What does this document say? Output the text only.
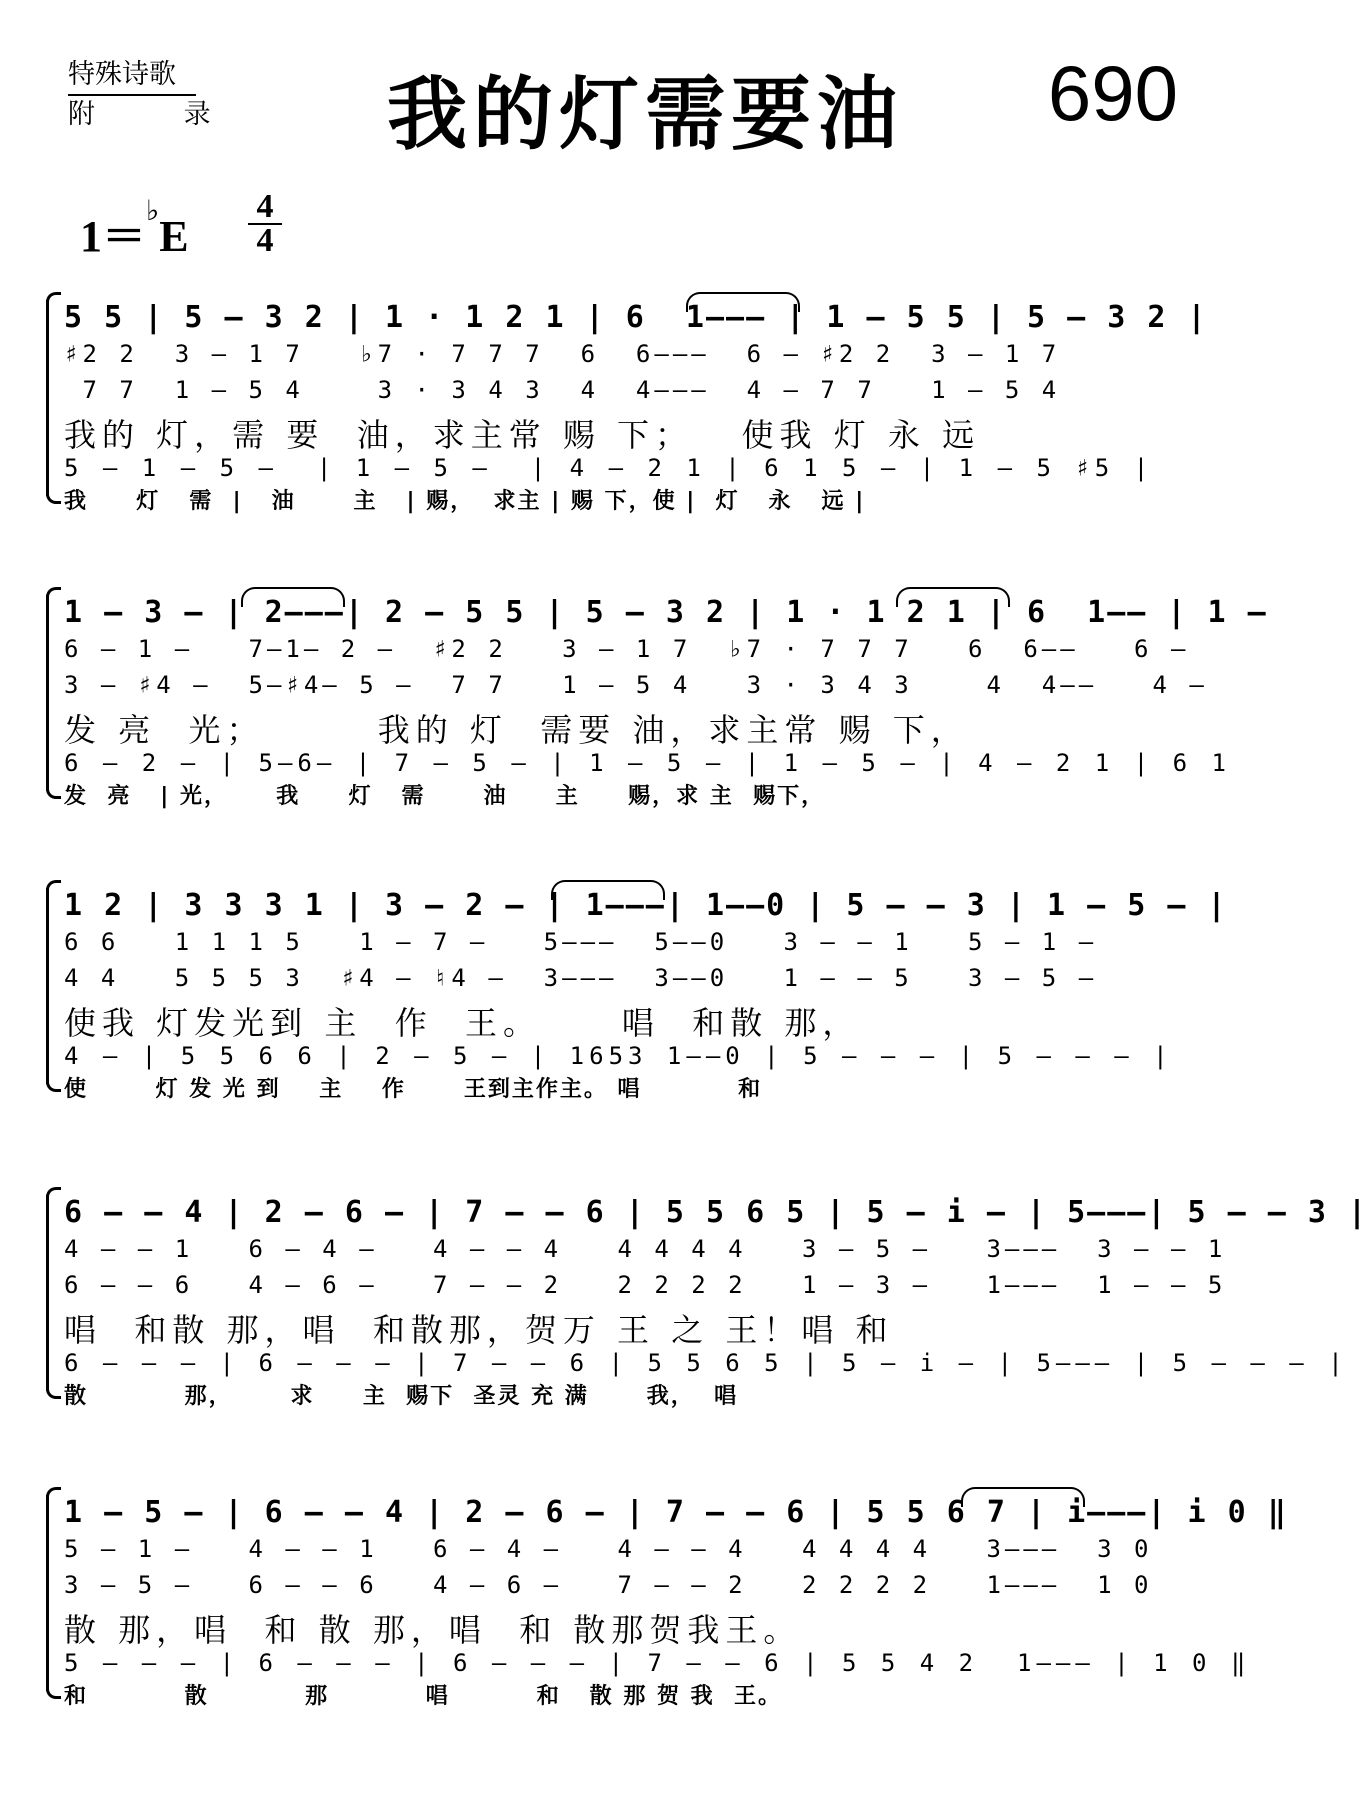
特殊诗歌
附 录	我的灯需要油	690
1＝♭E
4
4
5 5 | 5 – 3 2 | 1 · 1 2 1 | 6  1––– | 1 – 5 5 | 5 – 3 2 |
♯2 2  3 – 1 7   ♭7 · 7 7 7  6  6–––  6 – ♯2 2  3 – 1 7
7 7  1 – 5 4    3 · 3 4 3  4  4–––  4 – 7 7   1 – 5 4
我的 灯，需 要  油，求主常 赐 下；   使我 灯 永 远
5 – 1 – 5 –  | 1 – 5 –  | 4 – 2 1 | 6 1 5 – | 1 – 5 ♯5 |
我     灯   需  |   油      主   | 赐，  求主 | 赐 下，使 |  灯   永   远 |
1 – 3 – | 2–––| 2 – 5 5 | 5 – 3 2 | 1 · 1 2 1 | 6  1–– | 1 –
6 – 1 –   7–1– 2 –  ♯2 2   3 – 1 7  ♭7 · 7 7 7   6  6––   6 –
3 – ♯4 –  5–♯4– 5 –  7 7   1 – 5 4   3 · 3 4 3    4  4––   4 –
发 亮  光；       我的 灯  需要 油，求主常 赐 下，
6 – 2 – | 5–6– | 7 – 5 – | 1 – 5 – | 1 – 5 – | 4 – 2 1 | 6 1
发  亮   | 光，     我     灯   需      油     主     赐，求 主  赐下，
1 2 | 3 3 3 1 | 3 – 2 – | 1–––| 1––0 | 5 – – 3 | 1 – 5 – |
6 6   1 1 1 5   1 – 7 –   5–––  5––0   3 – – 1   5 – 1 –
4 4   5 5 5 3  ♯4 – ♮4 –  3–––  3––0   1 – – 5   3 – 5 –
使我 灯发光到 主  作  王。     唱  和散 那，
4 – | 5 5 6 6 | 2 – 5 – | 1653 1––0 | 5 – – – | 5 – – – |
使       灯 发 光 到    主    作      王到主作主。 唱          和
6 – – 4 | 2 – 6 – | 7 – – 6 | 5 5 6 5 | 5 – i – | 5–––| 5 – – 3 |
4 – – 1   6 – 4 –   4 – – 4   4 4 4 4   3 – 5 –   3–––  3 – – 1
6 – – 6   4 – 6 –   7 – – 2   2 2 2 2   1 – 3 –   1–––  1 – – 5
唱  和散 那，唱  和散那，贺万 王 之 王！唱 和
6 – – – | 6 – – – | 7 – – 6 | 5 5 6 5 | 5 – i – | 5––– | 5 – – – |
散          那，      求     主  赐下  圣灵 充 满      我，  唱
1 – 5 – | 6 – – 4 | 2 – 6 – | 7 – – 6 | 5 5 6 7 | i–––| i 0 ‖
5 – 1 –   4 – – 1   6 – 4 –   4 – – 4   4 4 4 4   3–––  3 0
3 – 5 –   6 – – 6   4 – 6 –   7 – – 2   2 2 2 2   1–––  1 0
散 那，唱  和 散 那，唱  和 散那贺我王。
5 – – – | 6 – – – | 6 – – – | 7 – – 6 | 5 5 4 2  1––– | 1 0 ‖
和          散          那          唱         和   散 那 贺 我  王。
